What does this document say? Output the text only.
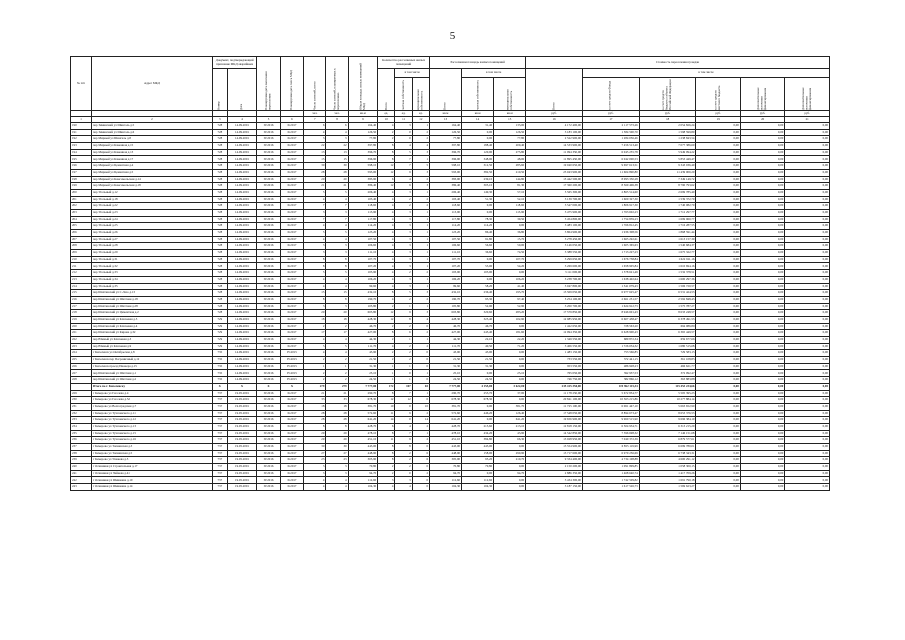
5
№ п/п	Адрес МКД	Документ, подтверждающий признание МКД аварийным		Планируемая дата окончания переселения	Планируемая дата сноса МКД	Число жителей, всего	Число жителей, планируемых к переселению	Общая площадь жилых помещений МКД	Количество расселяемых жилых помещений			Расселяемая площадь жилых помещений			Стоимость переселения граждан					
		Номер	Дата						Всего	в том числе		Всего	в том числе		Всего	в том числе				
										частная собственность	муниципальная собственность		частная собственность	муниципальная собственность		за счет средств Фонда	за счет средств бюджета субъекта Российской Федерации	за счет средств местного бюджета	Дополнительные источники финансирования	Дополнительные источники финансирования
						чел.	чел.	кв.м	ед.	ед.	ед.	кв.м	кв.м	кв.м	руб.	руб.	руб.	руб.	руб.	руб.
1	2	3	4	5	6	7	8	9	10	11	12	13	14	15	16	17	18	19	20	21
190	пер Зиминский ул Шингаль д.5	728	14.09.2001	IV.2016	II.2017	6	6	164,40	4	3	1	164,40	31,40	133,00	4 172 400,00	2 117 573,26	2 054 826,24	0,00	0,00	0,00
191	пер Зиминский ул Шингаль д.6	728	14.09.2001	IV.2016	II.2017	4	4	126,50	2	0	2	126,50	0,00	126,50	3 183 100,00	1 584 500,70	1 598 599,80	0,00	0,00	0,00
192	пер Мирный ул Шингаль д.8	728	14.09.2001	IV.2016	II.2017	3	3	77,80	2	0	2	77,80	0,00	77,80	2 522 900,00	1 284 056,46	1 238 843,54	0,00	0,00	0,00
193	пер Мирный ул Каменная д.15	728	14.09.2001	IV.2016	II.2017	22	22	397,80	8	4	4	397,80	188,40	209,40	14 533 900,00	7 456 513,40	7 077 386,60	0,00	0,00	0,00
194	пер Мирный ул Каменная д.13	728	14.09.2001	IV.2016	II.2017	13	13	396,70	8	5	3	396,70	120,90	275,80	11 994 350,00	6 045 255,78	5 949 094,22	0,00	0,00	0,00
195	пер Мирный ул Каменная д.17	728	14.09.2001	IV.2016	II.2017	15	15	396,90	8	7	1	396,90	348,90	48,00	11 895 450,00	6 042 000,53	5 853 449,47	0,00	0,00	0,00
196	пер Мирный ул Цементная д.4	728	14.09.2001	IV.2016	II.2017	30	30	598,10	12	7	5	598,10	312,50	285,60	19 040 650,00	9 697 613,51	9 343 036,49	0,00	0,00	0,00
197	пер Мирный ул Цементная д.5	728	14.09.2001	IV.2016	II.2017	28	28	593,00	12	9	3	593,00	382,50	210,50	23 043 900,00	11 604 890,80	11 439 009,20	0,00	0,00	0,00
198	пер Мирный ул Комсомольская д.14	728	14.09.2001	IV.2016	II.2017	20	20	383,90	6	4	2	383,90	239,10	144,80	15 442 500,00	8 093 350,28	7 349 149,72	0,00	0,00	0,00
199	пер Мирный ул Комсомольская д.18	728	14.09.2001	IV.2016	II.2017	21	21	386,40	12	9	3	386,40	305,10	81,30	17 360 200,00	8 569 406,38	8 790 793,62	0,00	0,00	0,00
200	пер Угольный д.12	728	14.09.2001	IV.2016	II.2017	5	5	206,40	4	3	1	206,40	149,30	57,10	5 565 300,00	2 865 514,60	2 699 785,40	0,00	0,00	0,00
201	пер Угольный д.18	728	14.09.2001	IV.2016	II.2017	4	4	103,40	4	2	2	103,40	51,30	52,10	3 139 700,00	1 600 327,30	1 539 372,70	0,00	0,00	0,00
202	пер Угольный д.22	728	14.09.2001	IV.2016	II.2017	7	7	118,60	4	2	2	118,60	0,00	118,60	3 547 000,00	1 806 917,30	1 740 082,70	0,00	0,00	0,00
203	пер Угольный д.23	728	14.09.2001	IV.2016	II.2017	3	3	113,90	4	3	1	113,90	0,00	113,90	3 475 900,00	1 763 602,23	1 712 297,77	0,00	0,00	0,00
204	пер Угольный д.24	728	14.09.2001	IV.2016	II.2017	7	7	117,80	4	3	1	117,80	78,30	39,50	3 454 800,00	1 754 839,23	1 699 960,77	0,00	0,00	0,00
205	пер Угольный д.25	728	14.09.2001	IV.2016	II.2017	4	4	114,20	4	3	1	114,20	114,20	0,00	3 483 100,00	1 766 812,45	1 716 287,55	0,00	0,00	0,00
206	пер Угольный д.26	728	14.09.2001	IV.2016	II.2017	5	5	123,20	4	3	1	123,20	86,40	36,80	3 804 900,00	1 936 308,56	1 868 591,44	0,00	0,00	0,00
207	пер Угольный д.27	728	14.09.2001	IV.2016	II.2017	4	4	107,50	4	3	1	107,50	91,80	15,70	3 278 450,00	1 665 292,61	1 613 157,39	0,00	0,00	0,00
208	пер Угольный д.28	728	14.09.2001	IV.2016	II.2017	3	3	106,60	4	3	1	106,60	56,60	50,00	3 146 050,00	1 605 365,63	1 540 684,37	0,00	0,00	0,00
209	пер Угольный д.29	728	14.09.2001	IV.2016	II.2017	3	3	111,10	4	3	1	111,10	36,60	74,50	3 388 550,00	1 713 227,23	1 675 322,77	0,00	0,00	0,00
210	пер Угольный д.31	728	14.09.2001	IV.2016	II.2017	8	8	107,70	4	3	1	107,70	0,00	107,70	3 299 650,00	1 676 738,84	1 622 911,16	0,00	0,00	0,00
211	пер Угольный д.32	728	14.09.2001	IV.2016	II.2017	8	8	107,20	4	3	1	107,20	53,00	54,20	3 269 600,00	1 658 905,84	1 610 694,16	0,00	0,00	0,00
212	пер Угольный д.33	728	14.09.2001	IV.2016	II.2017	5	5	103,90	4	2	2	103,90	103,90	0,00	3 111 000,00	1 578 621,49	1 532 378,51	0,00	0,00	0,00
213	пер Угольный д.34	728	14.09.2001	IV.2016	II.2017	4	4	106,20	4	3	1	106,20	0,00	106,20	3 238 700,00	1 638 402,64	1 600 297,36	0,00	0,00	0,00
214	пер Угольный д.35	728	14.09.2001	IV.2016	II.2017	4	4	99,60	4	3	1	99,60	58,20	41,40	3 047 800,00	1 541 079,43	1 506 720,57	0,00	0,00	0,00
215	пер Шахтинский ул С.Лазо д.13	728	14.09.2001	IV.2016	II.2017	15	15	432,10	8	5	3	432,10	236,40	195,70	13 509 050,00	6 977 625,47	6 531 424,53	0,00	0,00	0,00
216	пер Шахтинский ул Шахтная д.18	728	14.09.2001	IV.2016	II.2017	8	8	190,70	4	2	2	190,70	93,30	97,40	5 254 100,00	2 661 251,57	2 592 848,43	0,00	0,00	0,00
217	пер Шахтинский ул Шахтная д.28	728	14.09.2001	IV.2016	II.2017	3	3	105,80	2	1	1	105,80	52,90	52,90	3 200 700,00	1 624 912,73	1 575 787,27	0,00	0,00	0,00
218	пер Шахтинский ул Цементная д.2	728	14.09.2001	IV.2016	II.2017	20	20	603,80	12	9	3	603,80	320,60	283,20	17 579 850,00	8 946 601,43	8 633 248,57	0,00	0,00	0,00
219	пер Шахтинский ул Ключевая д.5	729	14.09.2001	IV.2016	II.2017	18	18	428,30	12	8	4	428,30	325,40	102,90	12 985 950,00	6 607 458,47	6 378 491,53	0,00	0,00	0,00
220	пер Шахтинский ул Ключевая д.4	729	14.09.2001	IV.2016	II.2017	2	2	46,70	2	2	0	46,70	46,70	0,00	1 422 650,00	728 563,20	694 086,80	0,00	0,00	0,00
221	пер Шахтинский ул Кирова д.32	729	14.09.2001	IV.2016	II.2017	17	17	427,00	8	6	2	427,00	245,40	181,60	12 994 350,00	6 628 900,43	6 365 449,57	0,00	0,00	0,00
222	пер Южный ул Ключевая д.3	729	14.09.2001	IV.2016	II.2017	4	4	44,30	2	1	1	44,30	22,10	22,20	1 349 550,00	689 872,34	659 677,66	0,00	0,00	0,00
223	пер Южный ул Ключевая д.9	729	14.09.2001	IV.2016	II.2017	5	5	111,70	4	2	2	111,70	40,50	71,20	3 406 550,00	1 726 034,32	1 680 515,68	0,00	0,00	0,00
224	г Киселевск ул Октябрьская д.8	735	14.09.2001	IV.2016	IV.2015	4	4	43,90	2	2	0	43,90	43,90	0,00	1 483 150,00	753 566,85	729 583,15	0,00	0,00	0,00
225	г Киселевск пер Пограничный д.12	735	14.09.2001	IV.2016	IV.2015	2	2	21,50	2	2	0	21,50	21,50	0,00	733 550,00	372 441,15	361 108,85	0,00	0,00	0,00
226	г Киселевск проезд Пионера д.15	735	14.09.2001	IV.2016	IV.2015	1	1	31,30	1	1	0	31,30	31,30	0,00	953 550,00	486 928,23	466 621,77	0,00	0,00	0,00
227	пер Шахтинский ул Шахтная д.1	735	14.09.2001	IV.2016	IV.2015	2	2	25,10	1	0	1	25,10	0,00	25,10	765 050,00	392 957,53	372 092,47	0,00	0,00	0,00
228	пер Шахтинский ул Шахтная д.2	735	14.09.2001	IV.2016	IV.2015	2	2	24,50	1	1	0	24,50	24,50	0,00	746 750,00	382 866,12	363 883,88	0,00	0,00	0,00
	Итого по г. Киселевску	X	X	X	X	279	279	7 777,00	172	107	65	7 777,00	4 155,00	3 622,00	235 415 350,00	119 962 115,34	115 453 234,66	0,00	0,00	0,00
229	г Кемерово ул Гоголева д.4	737	19.05.2001	IV.2016	II.2017	21	21	290,70	8	7	1	290,70	253,70	37,00	11 178 250,00	5 672 854,77	5 505 395,23	0,00	0,00	0,00
230	г Кемерово ул Гоголева д.52	737	19.05.2001	IV.2016	II.2017	33	33	678,30	12	12	0	678,30	678,30	0,00	20 841 100,00	10 563 215,86	10 277 884,14	0,00	0,00	0,00
231	г Кемерово ул Волгоградская д.7	737	19.05.2001	IV.2016	II.2017	18	18	381,70	10	0	10	381,70	0,00	381,70	11 725 100,00	6 061 447,10	5 663 652,90	0,00	0,00	0,00
232	г Кемерово ул Тухачевского д.11	737	19.05.2001	IV.2016	II.2017	28	28	572,60	11	9	2	572,60	446,20	126,40	17 548 050,00	8 894 673,47	8 653 376,53	0,00	0,00	0,00
233	г Кемерово ул Тухачевского д.12	737	19.05.2001	IV.2016	II.2017	28	28	641,20	14	0	14	641,20	0,00	641,20	19 656 900,00	9 960 515,90	9 696 384,10	0,00	0,00	0,00
234	г Кемерово ул Тухачевского д.13	737	19.05.2001	IV.2016	II.2017	8	8	428,70	6	4	2	428,70	215,60	213,10	12 818 150,00	6 504 934,71	6 313 215,29	0,00	0,00	0,00
235	г Кемерово ул Тухачевского д.15	737	19.05.2001	IV.2016	II.2017	29	29	478,10	8	7	1	478,10	434,20	43,90	14 542 850,00	7 396 698,32	7 146 151,68	0,00	0,00	0,00
236	г Кемерово ул Тухачевского д.16	737	19.05.2001	IV.2016	II.2017	29	29	451,10	11	9	2	451,10	384,80	66,30	13 928 950,00	7 049 372,39	6 879 577,61	0,00	0,00	0,00
237	г Кемерово ул Топкинская д.3	737	19.05.2001	IV.2016	II.2017	30	30	443,00	8	8	0	443,00	443,00	0,00	13 554 900,00	6 855 119,99	6 699 780,01	0,00	0,00	0,00
238	г Кемерово ул Топкинская д.5	737	19.05.2001	IV.2016	II.2017	27	27	448,90	8	2	6	448,90	158,00	290,90	13 717 600,00	6 979 256,69	6 738 343,31	0,00	0,00	0,00
239	г Кемерово ул Ушакова д.5	737	19.05.2001	IV.2016	II.2017	23	23	305,90	8	2	6	305,90	95,20	210,70	9 334 400,00	4 734 108,88	4 600 291,12	0,00	0,00	0,00
240	г Осинники ул Строительная д.17	737	19.05.2001	IV.2016	II.2017	3	3	70,80	2	2	0	70,80	70,80	0,00	2 150 200,00	1 091 899,85	1 058 300,15	0,00	0,00	0,00
241	г Осинники ул Чайкова д.41	737	19.05.2001	IV.2016	II.2017	3	3	94,70	2	0	2	94,70	0,00	94,70	2 886 350,00	1 468 640,74	1 417 709,26	0,00	0,00	0,00
242	г Осинники ул Шишкина д.10	737	19.05.2001	IV.2016	II.2017	4	4	112,60	3	3	0	112,60	112,60	0,00	3 434 300,00	1 742 509,82	1 691 790,18	0,00	0,00	0,00
243	г Осинники ул Шишкина д.14	737	19.05.2001	IV.2016	II.2017	4	4	104,30	4	4	0	104,30	104,30	0,00	3 187 150,00	1 617 526,73	1 569 623,27	0,00	0,00	0,00
